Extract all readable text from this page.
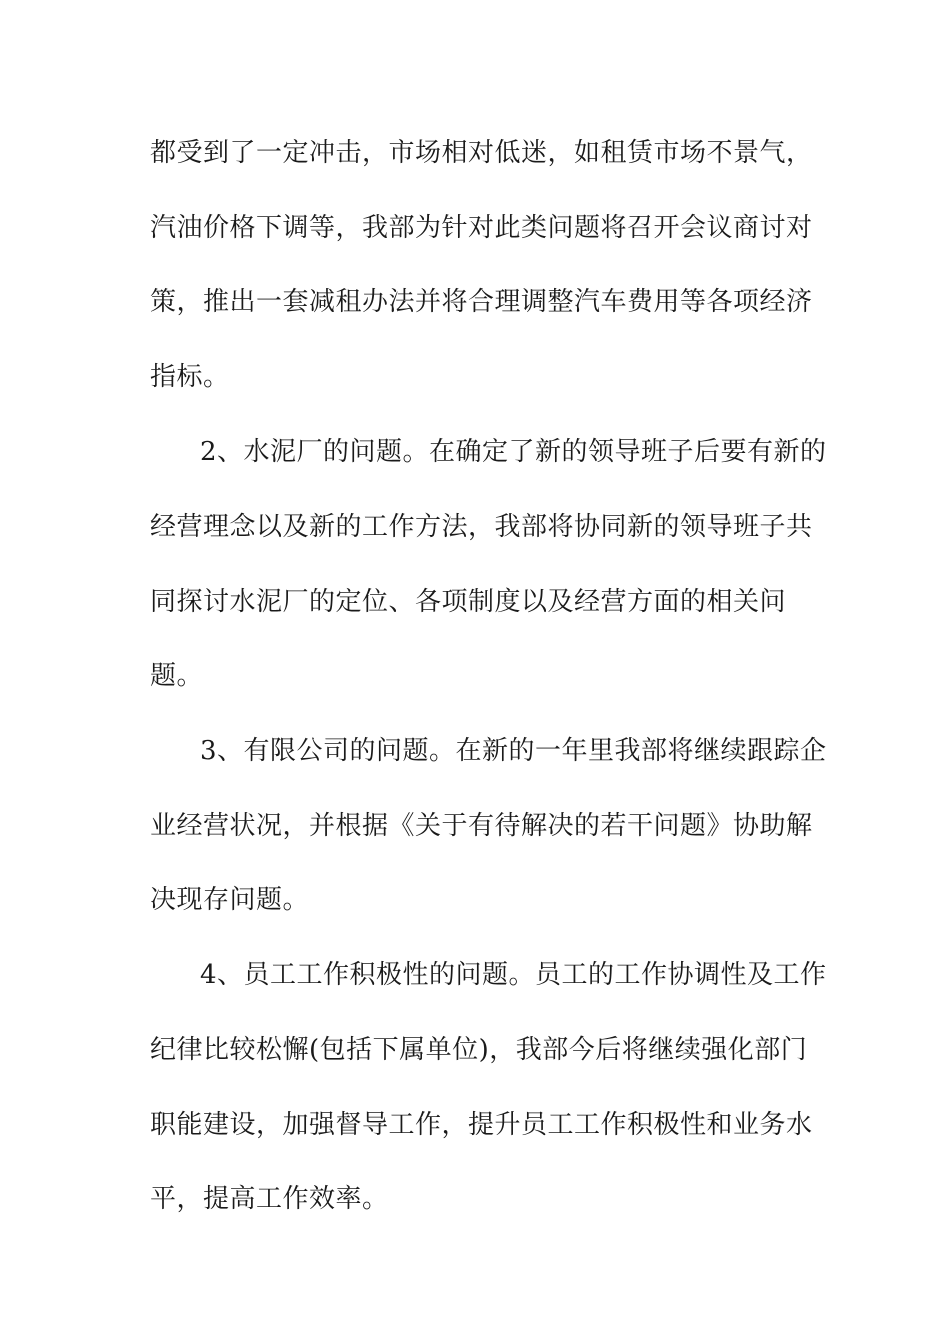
都受到了一定冲击，市场相对低迷，如租赁市场不景气，
汽油价格下调等，我部为针对此类问题将召开会议商讨对
策，推出一套减租办法并将合理调整汽车费用等各项经济
指标。
2、水泥厂的问题。在确定了新的领导班子后要有新的
经营理念以及新的工作方法，我部将协同新的领导班子共
同探讨水泥厂的定位、各项制度以及经营方面的相关问
题。
3、有限公司的问题。在新的一年里我部将继续跟踪企
业经营状况，并根据《关于有待解决的若干问题》协助解
决现存问题。
4、员工工作积极性的问题。员工的工作协调性及工作
纪律比较松懈(包括下属单位)，我部今后将继续强化部门
职能建设，加强督导工作，提升员工工作积极性和业务水
平，提高工作效率。
